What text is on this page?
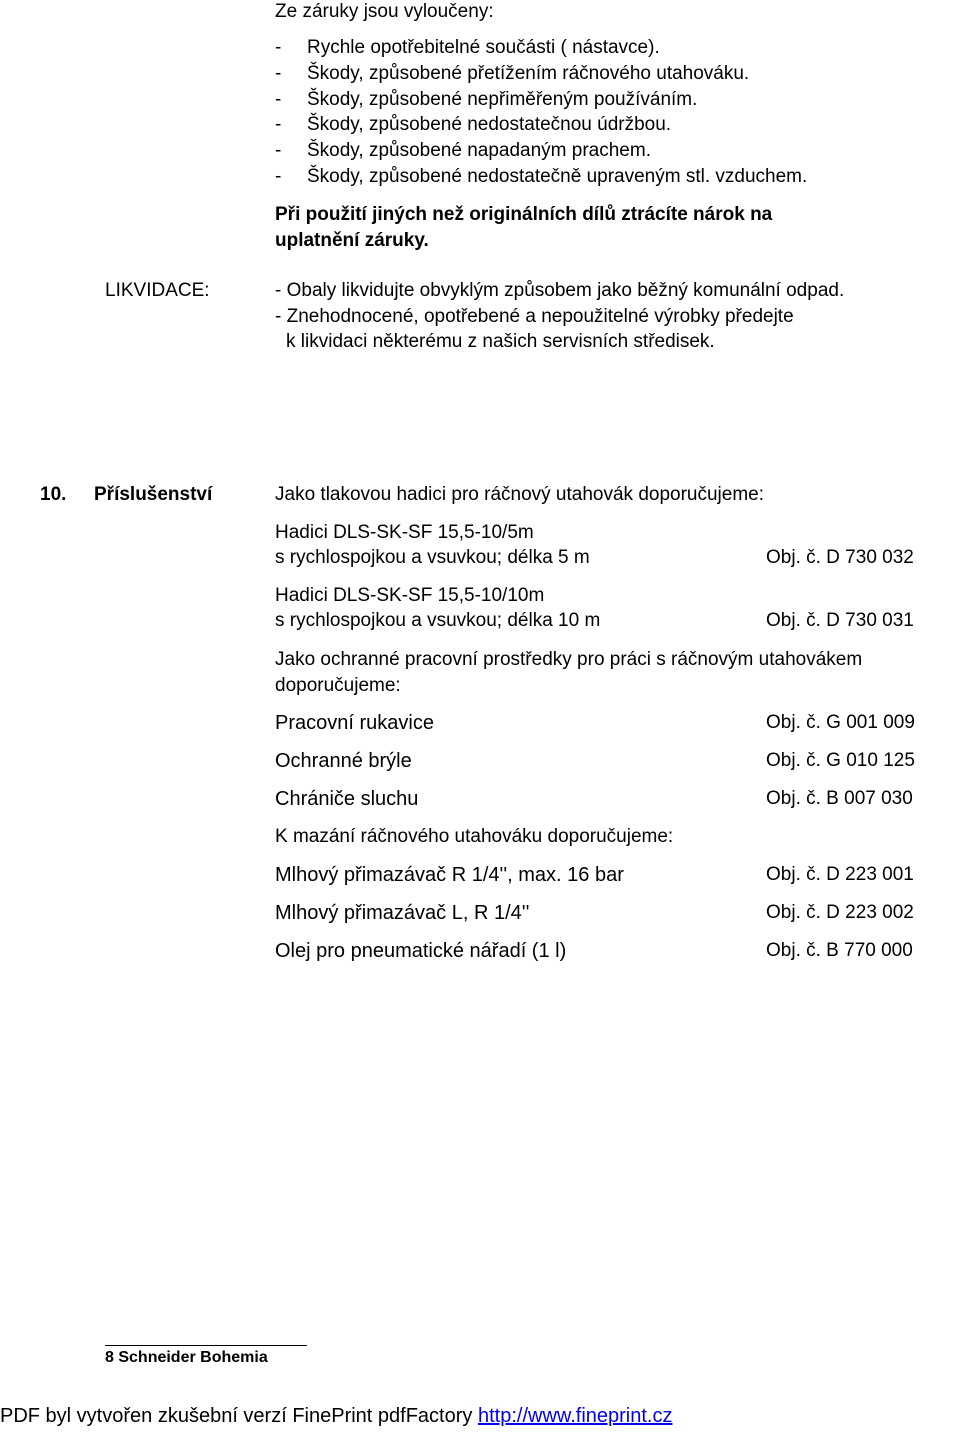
Ze záruky jsou vyloučeny:
- Rychle opotřebitelné součásti ( nástavce).
- Škody, způsobené přetížením ráčnového utahováku.
- Škody, způsobené nepřiměřeným používáním.
- Škody, způsobené nedostatečnou údržbou.
- Škody, způsobené napadaným prachem.
- Škody, způsobené nedostatečně upraveným stl. vzduchem.
Při použití jiných než originálních dílů ztrácíte nárok na
uplatnění záruky.
LIKVIDACE:	- Obaly likvidujte obvyklým způsobem jako běžný komunální odpad.
- Znehodnocené, opotřebené a nepoužitelné výrobky předejte
k likvidaci některému z našich servisních středisek.
10. Příslušenství	Jako tlakovou hadici pro ráčnový utahovák doporučujeme:
Hadici DLS-SK-SF 15,5-10/5m
s rychlospojkou a vsuvkou; délka 5 m	Obj. č. D 730 032
Hadici DLS-SK-SF 15,5-10/10m
s rychlospojkou a vsuvkou; délka 10 m	Obj. č. D 730 031
Jako ochranné pracovní prostředky pro práci s ráčnovým utahovákem
doporučujeme:
Pracovní rukavice	Obj. č. G 001 009
Ochranné brýle	Obj. č. G 010 125
Chrániče sluchu	Obj. č. B 007 030
K mazání ráčnového utahováku doporučujeme:
Mlhový přimazávač R 1/4'', max. 16 bar	Obj. č. D 223 001
Mlhový přimazávač L, R 1/4''	Obj. č. D 223 002
Olej pro pneumatické nářadí (1 l)	Obj. č. B 770 000
8 Schneider Bohemia
PDF byl vytvořen zkušební verzí FinePrint pdfFactory http://www.fineprint.cz
